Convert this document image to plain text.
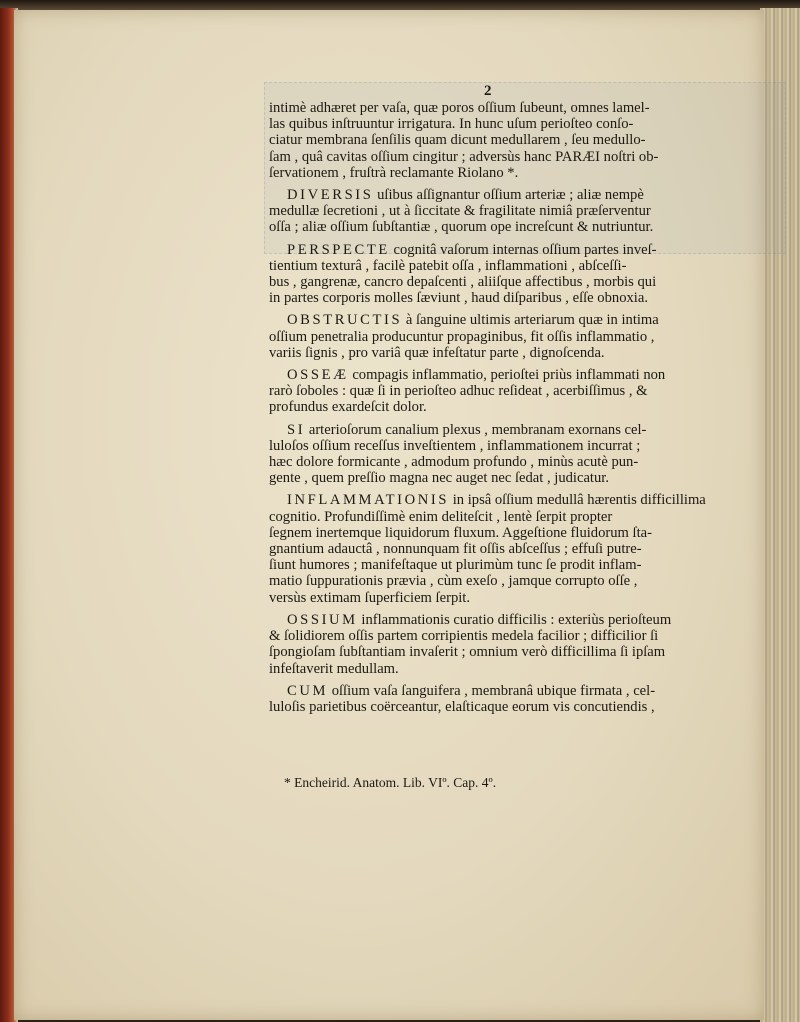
2
intimè adhæret per vaſa, quæ poros oſſium ſubeunt, omnes lamel-
las quibus inſtruuntur irrigatura. In hunc uſum perioſteo conſo-
ciatur membrana ſenſilis quam dicunt medullarem , ſeu medullo-
ſam , quâ cavitas oſſium cingitur ; adversùs hanc PARÆI noſtri ob-
ſervationem , fruſtrà reclamante Riolano *.
DIVERSIS uſibus aſſignantur oſſium arteriæ ; aliæ nempè
medullæ ſecretioni , ut à ſiccitate & fragilitate nimiâ præſerventur
oſſa ; aliæ oſſium ſubſtantiæ , quorum ope increſcunt & nutriuntur.
PERSPECTE cognitâ vaſorum internas oſſium partes inveſ-
tientium texturâ , facilè patebit oſſa , inflammationi , abſceſſi-
bus , gangrenæ, cancro depaſcenti , aliiſque affectibus , morbis qui
in partes corporis molles ſæviunt , haud diſparibus , eſſe obnoxia.
OBSTRUCTIS à ſanguine ultimis arteriarum quæ in intima
oſſium penetralia producuntur propaginibus, fit oſſis inflammatio ,
variis ſignis , pro variâ quæ infeſtatur parte , dignoſcenda.
OSSEÆ compagis inflammatio, perioſtei priùs inflammati non
rarò ſoboles : quæ ſi in perioſteo adhuc reſideat , acerbiſſimus , &
profundus exardeſcit dolor.
SI arterioſorum canalium plexus , membranam exornans cel-
luloſos oſſium receſſus inveſtientem , inflammationem incurrat ;
hæc dolore formicante , admodum profundo , minùs acutè pun-
gente , quem preſſio magna nec auget nec ſedat , judicatur.
INFLAMMATIONIS in ipsâ oſſium medullâ hærentis difficillima
cognitio. Profundiſſimè enim deliteſcit , lentè ſerpit propter
ſegnem inertemque liquidorum fluxum. Aggeſtione fluidorum ſta-
gnantium adauctâ , nonnunquam fit oſſis abſceſſus ; effuſi putre-
ſiunt humores ; manifeſtaque ut plurimùm tunc ſe prodit inflam-
matio ſuppurationis prævia , cùm exeſo , jamque corrupto oſſe ,
versùs extimam ſuperficiem ſerpit.
OSSIUM inflammationis curatio difficilis : exteriùs perioſteum
& ſolidiorem oſſis partem corripientis medela facilior ; difficilior ſi
ſpongioſam ſubſtantiam invaſerit ; omnium verò difficillima ſi ipſam
infeſtaverit medullam.
CUM oſſium vaſa ſanguifera , membranâ ubique firmata , cel-
luloſis parietibus coërceantur, elaſticaque eorum vis concutiendis ,
* Encheirid. Anatom. Lib. VIº. Cap. 4º.
